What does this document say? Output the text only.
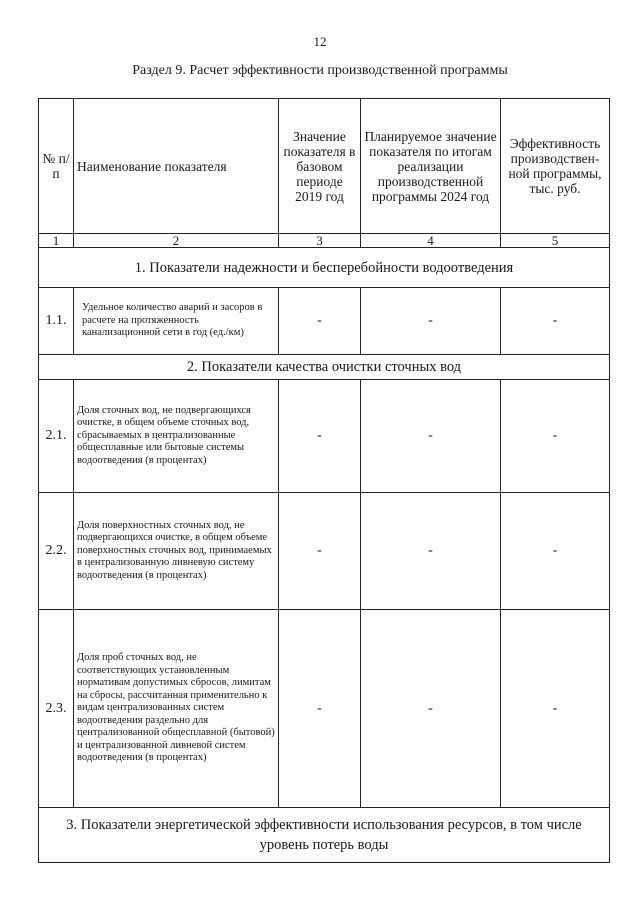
12
Раздел 9. Расчет эффективности производственной программы
№ п/п	Наименование показателя	Значение показателя в базовом периоде 2019 год	Планируемое значение показателя по итогам реализации производственной программы 2024 год	Эффективность производствен-ной программы, тыс. руб.
1	2	3	4	5
1. Показатели надежности и бесперебойности водоотведения				
1.1.	Удельное количество аварий и засоров в расчете на протяженность канализационной сети в год (ед./км)	-	-	-
2. Показатели качества очистки сточных вод				
2.1.	Доля сточных вод, не подвергающихся очистке, в общем объеме сточных вод, сбрасываемых в централизованные общесплавные или бытовые системы водоотведения (в процентах)	-	-	-
2.2.	Доля поверхностных сточных вод, не подвергающихся очистке, в общем объеме поверхностных сточных вод, принимаемых в централизованную ливневую систему водоотведения (в процентах)	-	-	-
2.3.	Доля проб сточных вод, не соответствующих установленным нормативам допустимых сбросов, лимитам на сбросы, рассчитанная применительно к видам централизованных систем водоотведения раздельно для централизованной общесплавной (бытовой) и централизованной ливневой систем водоотведения (в процентах)	-	-	-
3. Показатели энергетической эффективности использования ресурсов, в том числе уровень потерь воды				
